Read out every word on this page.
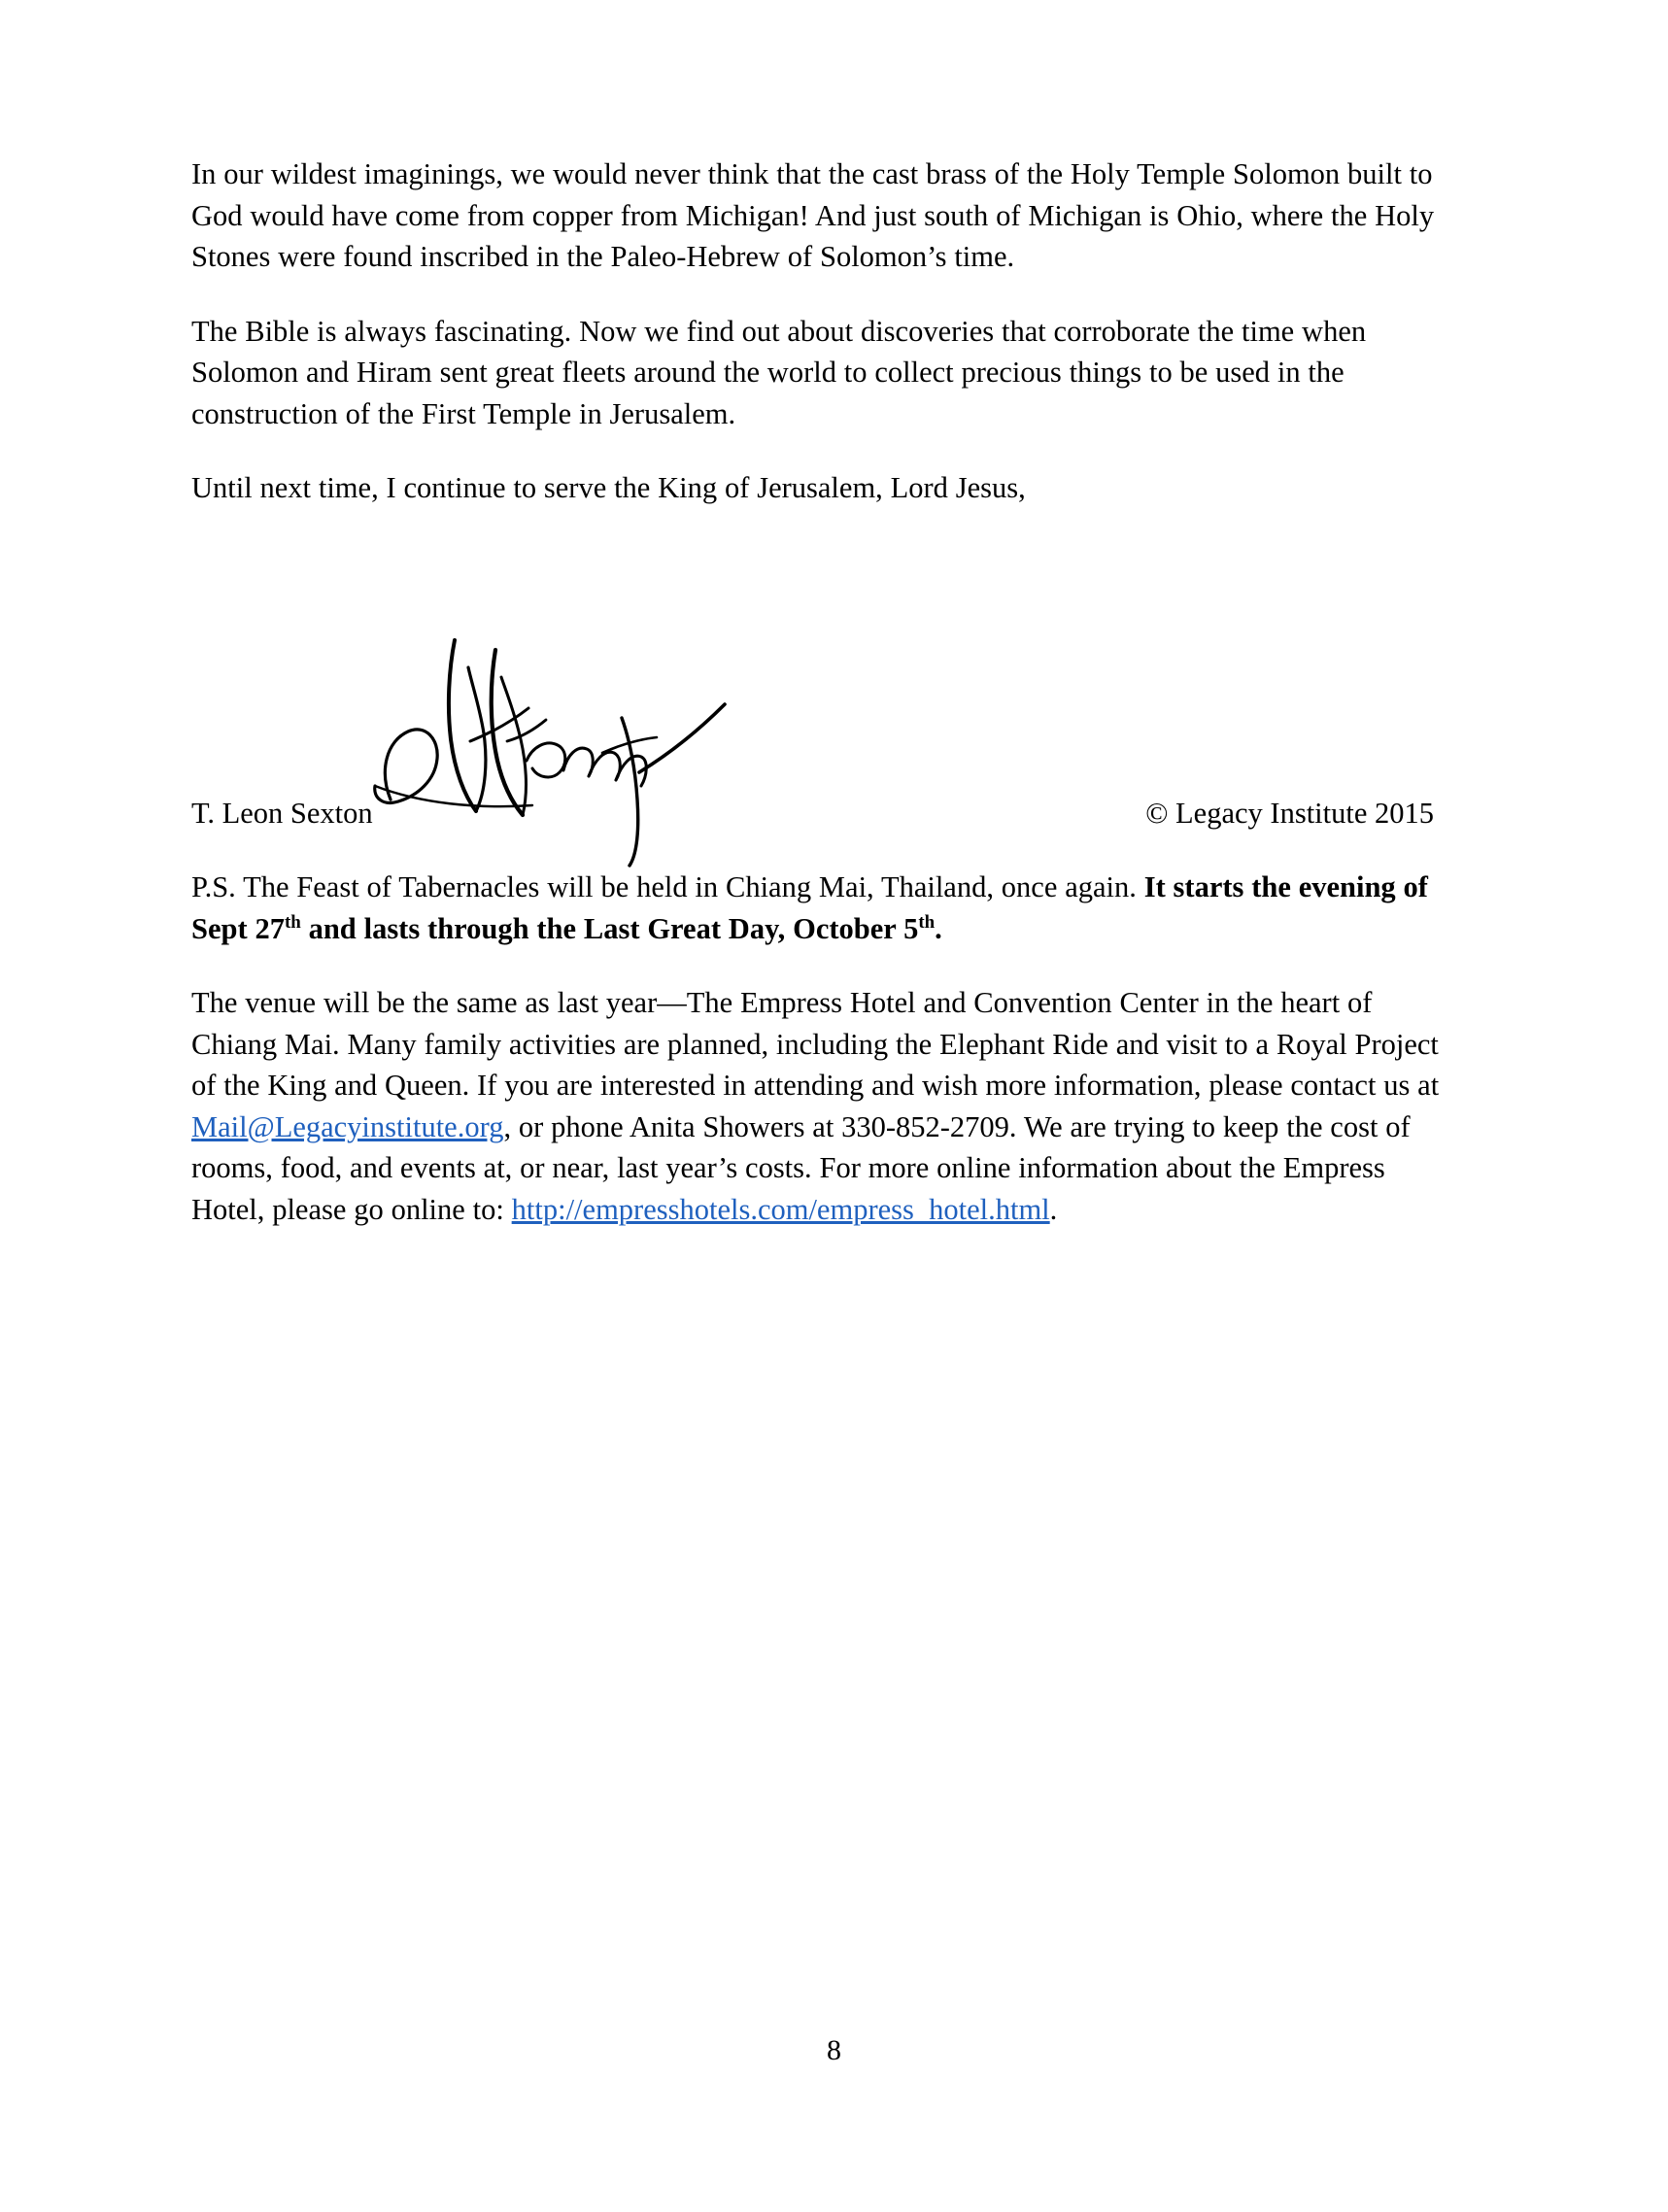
In our wildest imaginings, we would never think that the cast brass of the Holy Temple Solomon built to God would have come from copper from Michigan! And just south of Michigan is Ohio, where the Holy Stones were found inscribed in the Paleo-Hebrew of Solomon’s time.

The Bible is always fascinating. Now we find out about discoveries that corroborate the time when Solomon and Hiram sent great fleets around the world to collect precious things to be used in the construction of the First Temple in Jerusalem.

Until next time, I continue to serve the King of Jerusalem, Lord Jesus,

T. Leon Sexton	© Legacy Institute 2015

P.S. The Feast of Tabernacles will be held in Chiang Mai, Thailand, once again. It starts the evening of Sept 27th and lasts through the Last Great Day, October 5th.

The venue will be the same as last year—The Empress Hotel and Convention Center in the heart of Chiang Mai. Many family activities are planned, including the Elephant Ride and visit to a Royal Project of the King and Queen. If you are interested in attending and wish more information, please contact us at Mail@Legacyinstitute.org, or phone Anita Showers at 330-852-2709. We are trying to keep the cost of rooms, food, and events at, or near, last year’s costs. For more online information about the Empress Hotel, please go online to: http://empresshotels.com/empress_hotel.html.

8
